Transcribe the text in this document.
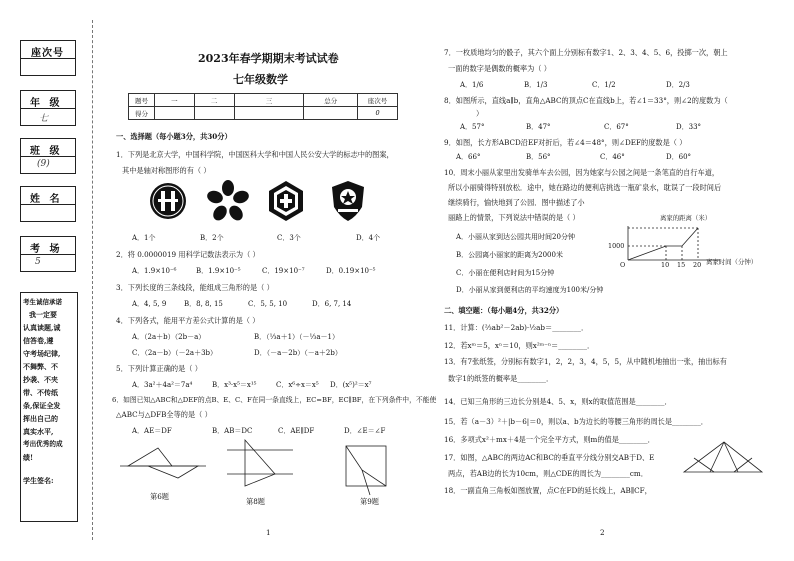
座次号
年 级
七
班 级
(9)
姓 名
考 场
5
考生诚信承诺
我一定要
认真读题,诚
信答卷,遵
守考场纪律,
不舞弊、不
抄袭、不夹
带、不传纸
条,保证全发
挥出自己的
真实水平,
考出优秀的成
绩!
学生签名:
2023年春学期期末考试试卷
七年级数学
题号	一	二	三	总分	座次号
得分					0
一、选择题（每小题3分，共30分）
1．下列是北京大学，中国科学院，中国医科大学和中国人民公安大学的标志中的图案，
其中是轴对称图形的有（ ）
A．1个	B．2个	C．3个	D．4个
2．将 0.0000019 用科学记数法表示为（ ）
A．1.9×10⁻⁶	B．1.9×10⁻⁵	C．19×10⁻⁷	D．0.19×10⁻⁵
3．下列长度的三条线段，能组成三角形的是（ ）
A．4, 5, 9	B．8, 8, 15	C．5, 5, 10	D．6, 7, 14
4．下列各式，能用平方差公式计算的是（ ）
A．（2a＋b）（2b－a）	B．（⅓a＋1）（－⅓a－1）
C．（2a－b）（－2a＋3b）	D．（－a－2b）（－a＋2b）
5．下列计算正确的是（ ）
A．3a²＋4a²＝7a⁴	B．x³·x⁵＝x¹⁵	C．x⁶÷x＝x⁵ D．(x⁵)²＝x⁷
6．如图已知△ABC和△DEF的点B、E、C、F在同一条直线上，EC=BF，EC∥BF，在下列条件中，不能使
△ABC与△DFB全等的是（ ）
A．AE＝DF	B．AB＝DC	C．AE∥DF	D．∠E＝∠F
第6题
第8题	第9题
1
7．一枚质地均匀的骰子，其六个面上分别标有数字1、2、3、4、5、6，投掷一次，朝上
一面的数字是偶数的概率为（ ）
A．1/6	B．1/3	C．1/2	D．2/3
8．如图所示，直线a∥b，直角△ABC的顶点C在直线b上，若∠1＝33°，则∠2的度数为（
）
A．57°	B．47°	C．67°	D．33°
9．如图，长方形ABCD沿EF对折后，若∠4＝48°，则∠DEF的度数是（ ）
A．66°	B．56°	C．46°	D．60°
10．周末小丽从家里出发骑单车去公园，因为她家与公园之间是一条笔直的自行车道，
所以小丽骑得特别放松．途中，她在路边的便利店挑选一瓶矿泉水，耽误了一段时间后
继续骑行，愉快地到了公园．图中描述了小
丽路上的情景，下列说法中错误的是（ ）
A．小丽从家到达公园共用时间20分钟
B．公园离小丽家的距离为2000米
C．小丽在便利店时间为15分钟
D．小丽从家到便利店的平均速度为100米/分钟
离家的距离（米）
1000
O	10 15 20 离家时间（分钟）
二、填空题：（每小题4分，共32分）
11．计算：(⅔ab²－2ab)·½ab＝________．
12．若xᵐ＝5，xⁿ＝10，则x²ᵐ⁻ⁿ＝________．
13．有7张纸签，分别标有数字1，2，2，3，4，5，5，从中随机地抽出一张，抽出标有
数字1的纸签的概率是________．
14．已知三角形的三边长分别是4、5、x，则x的取值范围是________．
15．若（a－3）²＋|b－6|＝0，则以a、b为边长的等腰三角形的周长是________．
16．多项式x²＋mx＋4是一个完全平方式，则m的值是________．
17．如图，△ABC的两边AC和BC的垂直平分线分别交AB于D、E
两点，若AB边的长为10cm，则△CDE的周长为________cm．
18．一副直角三角板如图放置，点C在FD的延长线上，AB∥CF，
2
